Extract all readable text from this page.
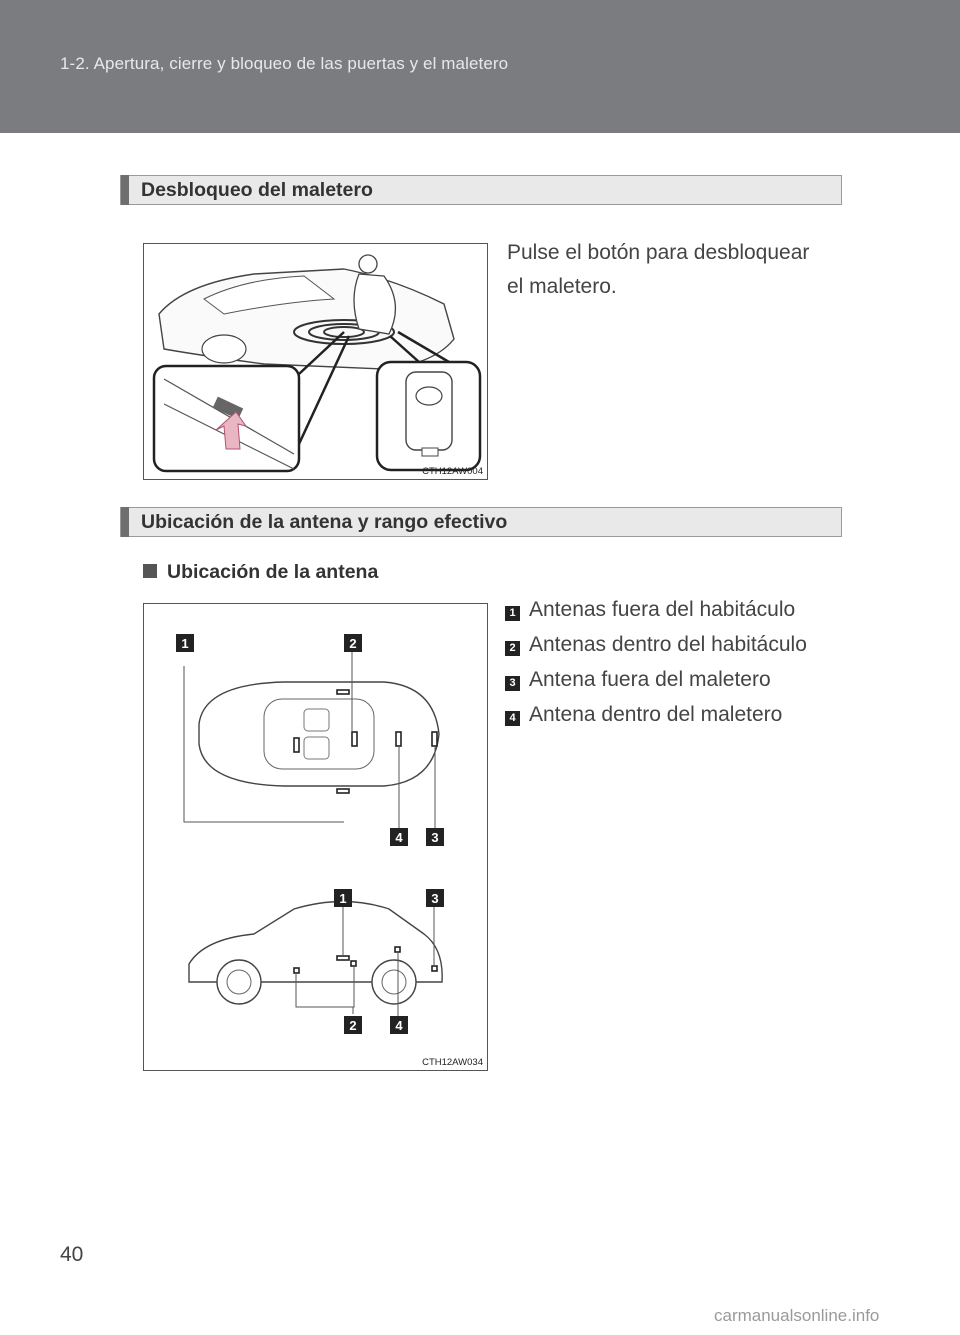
1-2. Apertura, cierre y bloqueo de las puertas y el maletero
Desbloqueo del maletero
CTH12AW004
Pulse el botón para desbloquear
el maletero.
Ubicación de la antena y rango efectivo
Ubicación de la antena
1	2
4 3
1	3
2	4
CTH12AW034
1 Antenas fuera del habitáculo
2 Antenas dentro del habitáculo
3 Antena fuera del maletero
4 Antena dentro del maletero
40
carmanualsonline.info
